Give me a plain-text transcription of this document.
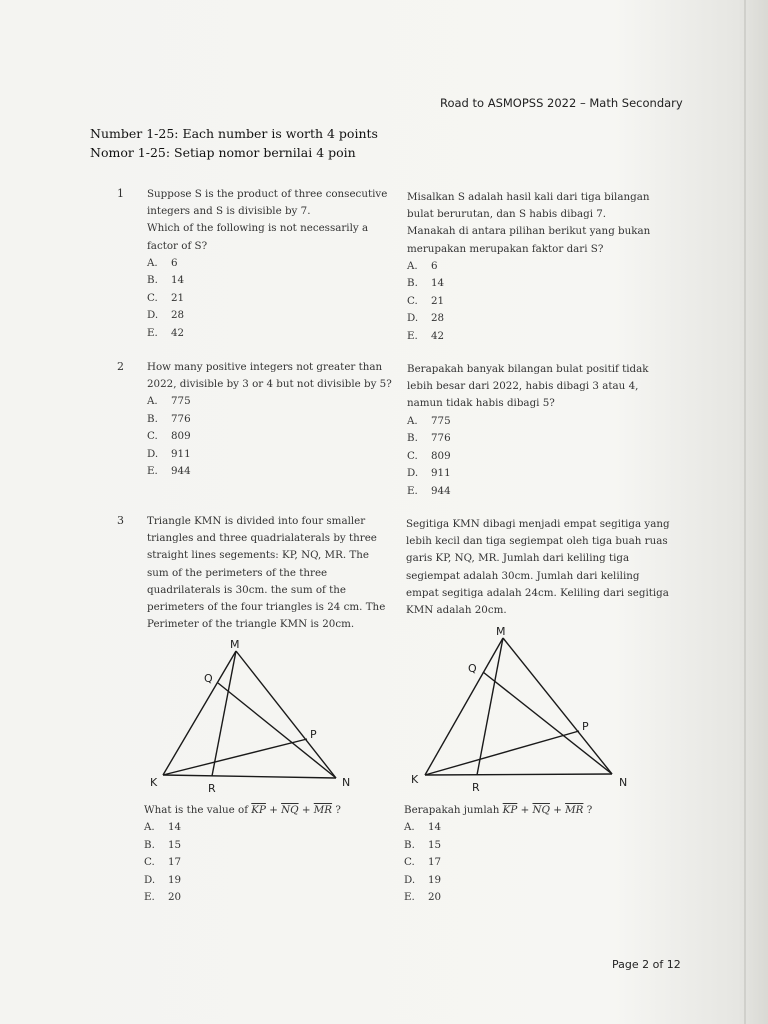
Road to ASMOPSS 2022 – Math Secondary
Number 1-25: Each number is worth 4 points
Nomor 1-25: Setiap nomor bernilai 4 poin
1 Suppose S is the product of three consecutive
integers and S is divisible by 7.
Which of the following is not necessarily a
factor of S?
A.	6
B.	14
C.	21
D.	28
E.	42
Misalkan S adalah hasil kali dari tiga bilangan
bulat berurutan, dan S habis dibagi 7.
Manakah di antara pilihan berikut yang bukan
merupakan merupakan faktor dari S?
A.	6
B.	14
C.	21
D.	28
E.	42
2 How many positive integers not greater than
2022, divisible by 3 or 4 but not divisible by 5?
A.	775
B.	776
C.	809
D.	911
E.	944
Berapakah banyak bilangan bulat positif tidak
lebih besar dari 2022, habis dibagi 3 atau 4,
namun tidak habis dibagi 5?
A.	775
B.	776
C.	809
D.	911
E.	944
3 Triangle KMN is divided into four smaller
triangles and three quadrialaterals by three
straight lines segements: KP, NQ, MR. The
sum of the perimeters of the three
quadrilaterals is 30cm. the sum of the
perimeters of the four triangles is 24 cm. The
Perimeter of the triangle KMN is 20cm.
Segitiga KMN dibagi menjadi empat segitiga yang
lebih kecil dan tiga segiempat oleh tiga buah ruas
garis KP, NQ, MR. Jumlah dari keliling tiga
segiempat adalah 30cm. Jumlah dari keliling
empat segitiga adalah 24cm. Keliling dari segitiga
KMN adalah 20cm.
M
Q
P
K	R	N
M
Q
P
K
R	N
What is the value of $\overline{KP} + \overline{NQ} + \overline{MR}$ ?
A.	14
B.	15
C.	17
D.	19
E.	20
Berapakah jumlah $\overline{KP} + \overline{NQ} + \overline{MR}$ ?
A.	14
B.	15
C.	17
D.	19
E.	20
Page 2 of 12
